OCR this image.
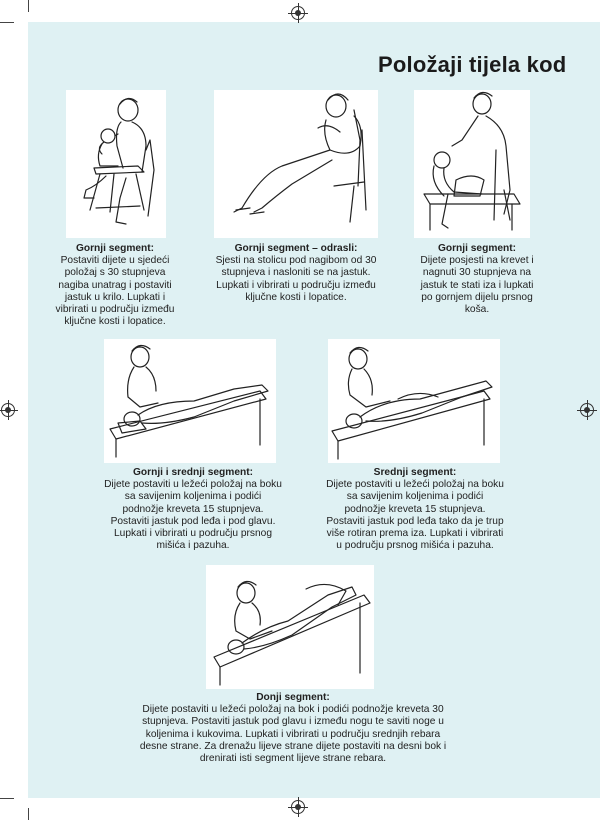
Položaji tijela kod
Gornji segment:
Postaviti dijete u sjedeći položaj s 30 stupnjeva nagiba unatrag i postaviti jastuk u krilo. Lupkati i vibrirati u području između ključne kosti i lopatice.
Gornji segment – odrasli:
Sjesti na stolicu pod nagibom od 30 stupnjeva i nasloniti se na jastuk. Lupkati i vibrirati u području između ključne kosti i lopatice.
Gornji segment:
Dijete posjesti na krevet i nagnuti 30 stupnjeva na jastuk te stati iza i lupkati po gornjem dijelu prsnog koša.
Gornji i srednji segment:
Dijete postaviti u ležeći položaj na boku sa savijenim koljenima i podići podnožje kreveta 15 stupnjeva. Postaviti jastuk pod leđa i pod glavu. Lupkati i vibrirati u području prsnog mišića i pazuha.
Srednji segment:
Dijete postaviti u ležeći položaj na boku sa savijenim koljenima i podići podnožje kreveta 15 stupnjeva. Postaviti jastuk pod leđa tako da je trup više rotiran prema iza. Lupkati i vibrirati u području prsnog mišića i pazuha.
Donji segment:
Dijete postaviti u ležeći položaj na bok i podići podnožje kreveta 30 stupnjeva. Postaviti jastuk pod glavu i između nogu te saviti noge u koljenima i kukovima. Lupkati i vibrirati u području srednjih rebara desne strane. Za drenažu lijeve strane dijete postaviti na desni bok i drenirati isti segment lijeve strane rebara.
